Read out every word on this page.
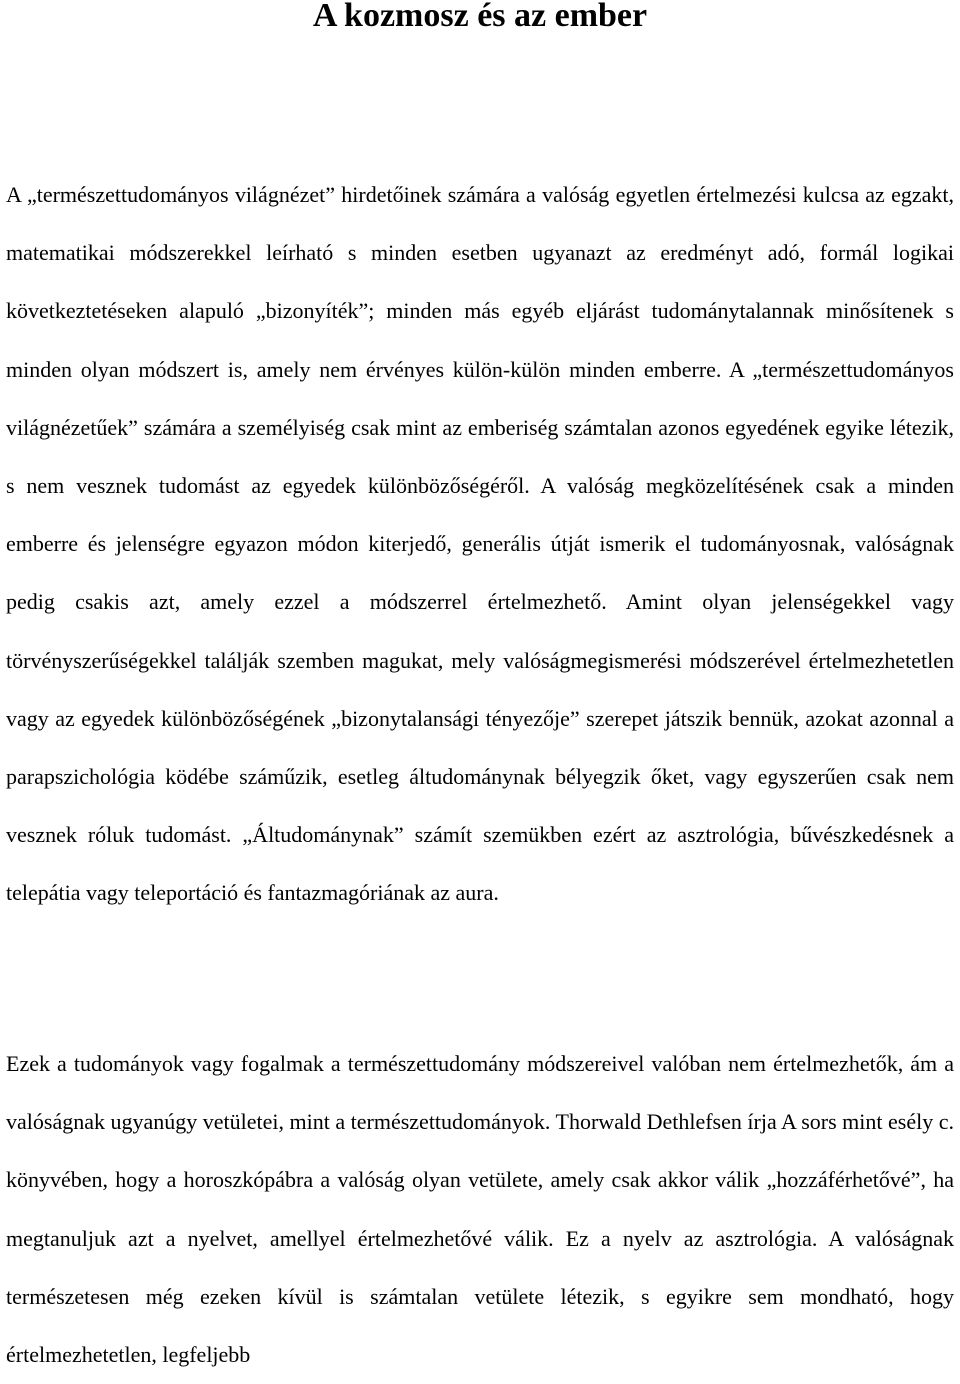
A kozmosz és az ember

A „természettudományos világnézet” hirdetőinek számára a valóság egyetlen értelmezési kulcsa az egzakt, matematikai módszerekkel leírható s minden esetben ugyanazt az eredményt adó, formál logikai következtetéseken alapuló „bizonyíték”; minden más egyéb eljárást tudománytalannak minősítenek s minden olyan módszert is, amely nem érvényes külön-külön minden emberre. A „természettudományos világnézetűek” számára a személyiség csak mint az emberiség számtalan azonos egyedének egyike létezik, s nem vesznek tudomást az egyedek különbözőségéről. A valóság megközelítésének csak a minden emberre és jelenségre egyazon módon kiterjedő, generális útját ismerik el tudományosnak, valóságnak pedig csakis azt, amely ezzel a módszerrel értelmezhető. Amint olyan jelenségekkel vagy törvényszerűségekkel találják szemben magukat, mely valóságmegismerési módszerével értelmezhetetlen vagy az egyedek különbözőségének „bizonytalansági tényezője” szerepet játszik bennük, azokat azonnal a parapszichológia ködébe száműzik, esetleg áltudománynak bélyegzik őket, vagy egyszerűen csak nem vesznek róluk tudomást. „Áltudománynak” számít szemükben ezért az asztrológia, bűvészkedésnek a telepátia vagy teleportáció és fantazmagóriának az aura.

Ezek a tudományok vagy fogalmak a természettudomány módszereivel valóban nem értelmezhetők, ám a valóságnak ugyanúgy vetületei, mint a természettudományok. Thorwald Dethlefsen írja A sors mint esély c. könyvében, hogy a horoszkópábra a valóság olyan vetülete, amely csak akkor válik „hozzáférhetővé”, ha megtanuljuk azt a nyelvet, amellyel értelmezhetővé válik. Ez a nyelv az asztrológia. A valóságnak természetesen még ezeken kívül is számtalan vetülete létezik, s egyikre sem mondható, hogy értelmezhetetlen, legfeljebb
